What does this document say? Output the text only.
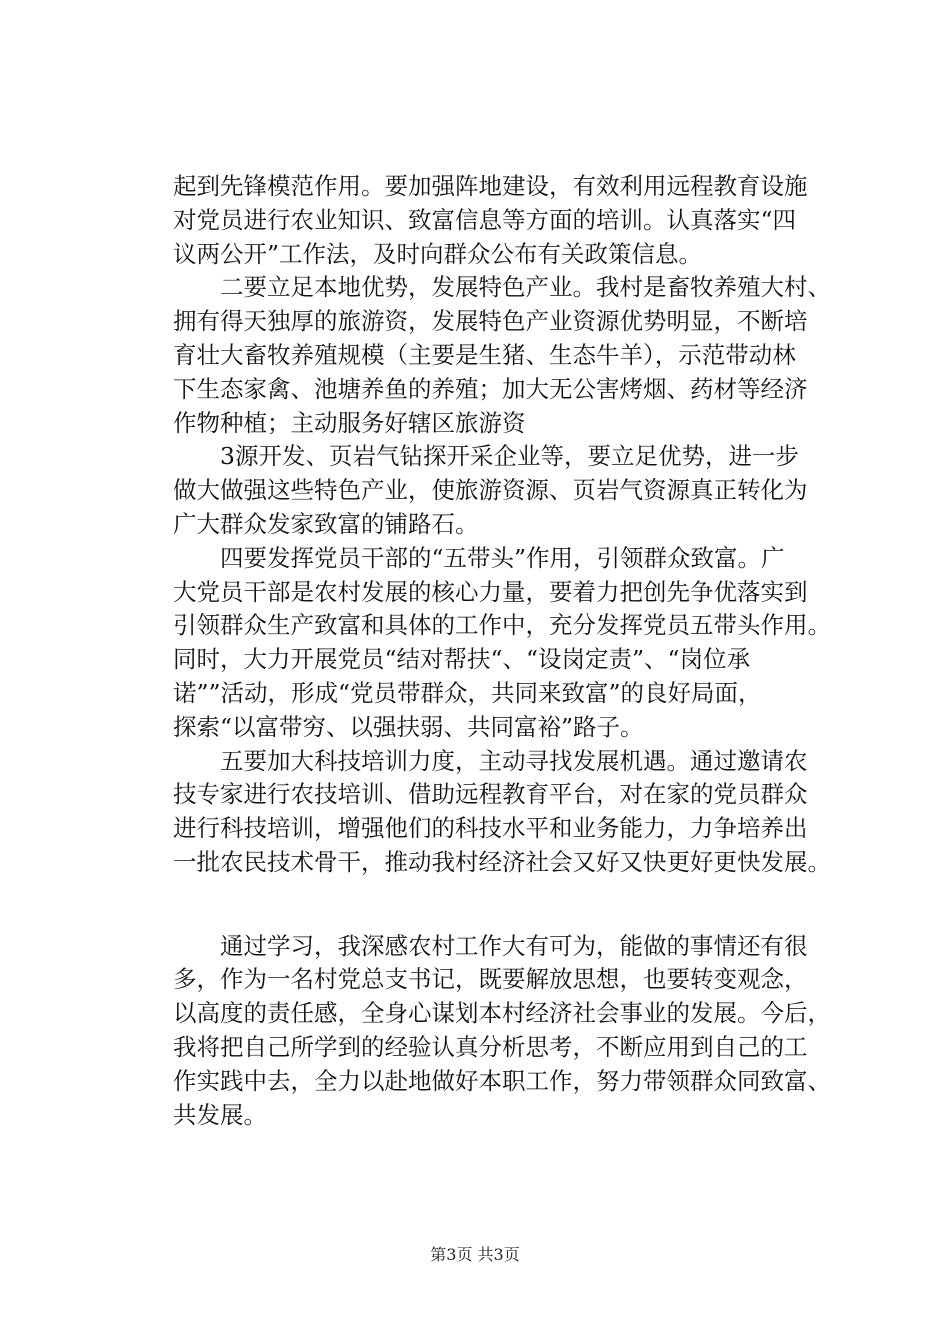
起到先锋模范作用。要加强阵地建设，有效利用远程教育设施
对党员进行农业知识、致富信息等方面的培训。认真落实“四
议两公开”工作法，及时向群众公布有关政策信息。
二要立足本地优势，发展特色产业。我村是畜牧养殖大村、
拥有得天独厚的旅游资，发展特色产业资源优势明显，不断培
育壮大畜牧养殖规模（主要是生猪、生态牛羊），示范带动林
下生态家禽、池塘养鱼的养殖；加大无公害烤烟、药材等经济
作物种植；主动服务好辖区旅游资
3源开发、页岩气钻探开采企业等，要立足优势，进一步
做大做强这些特色产业，使旅游资源、页岩气资源真正转化为
广大群众发家致富的铺路石。
四要发挥党员干部的“五带头”作用，引领群众致富。广
大党员干部是农村发展的核心力量，要着力把创先争优落实到
引领群众生产致富和具体的工作中，充分发挥党员五带头作用。
同时，大力开展党员“结对帮扶“、“设岗定责”、“岗位承
诺””活动，形成“党员带群众，共同来致富”的良好局面，
探索“以富带穷、以强扶弱、共同富裕”路子。
五要加大科技培训力度，主动寻找发展机遇。通过邀请农
技专家进行农技培训、借助远程教育平台，对在家的党员群众
进行科技培训，增强他们的科技水平和业务能力，力争培养出
一批农民技术骨干，推动我村经济社会又好又快更好更快发展。
通过学习，我深感农村工作大有可为，能做的事情还有很
多，作为一名村党总支书记，既要解放思想，也要转变观念，
以高度的责任感，全身心谋划本村经济社会事业的发展。今后，
我将把自己所学到的经验认真分析思考，不断应用到自己的工
作实践中去，全力以赴地做好本职工作，努力带领群众同致富、
共发展。
第3页 共3页
